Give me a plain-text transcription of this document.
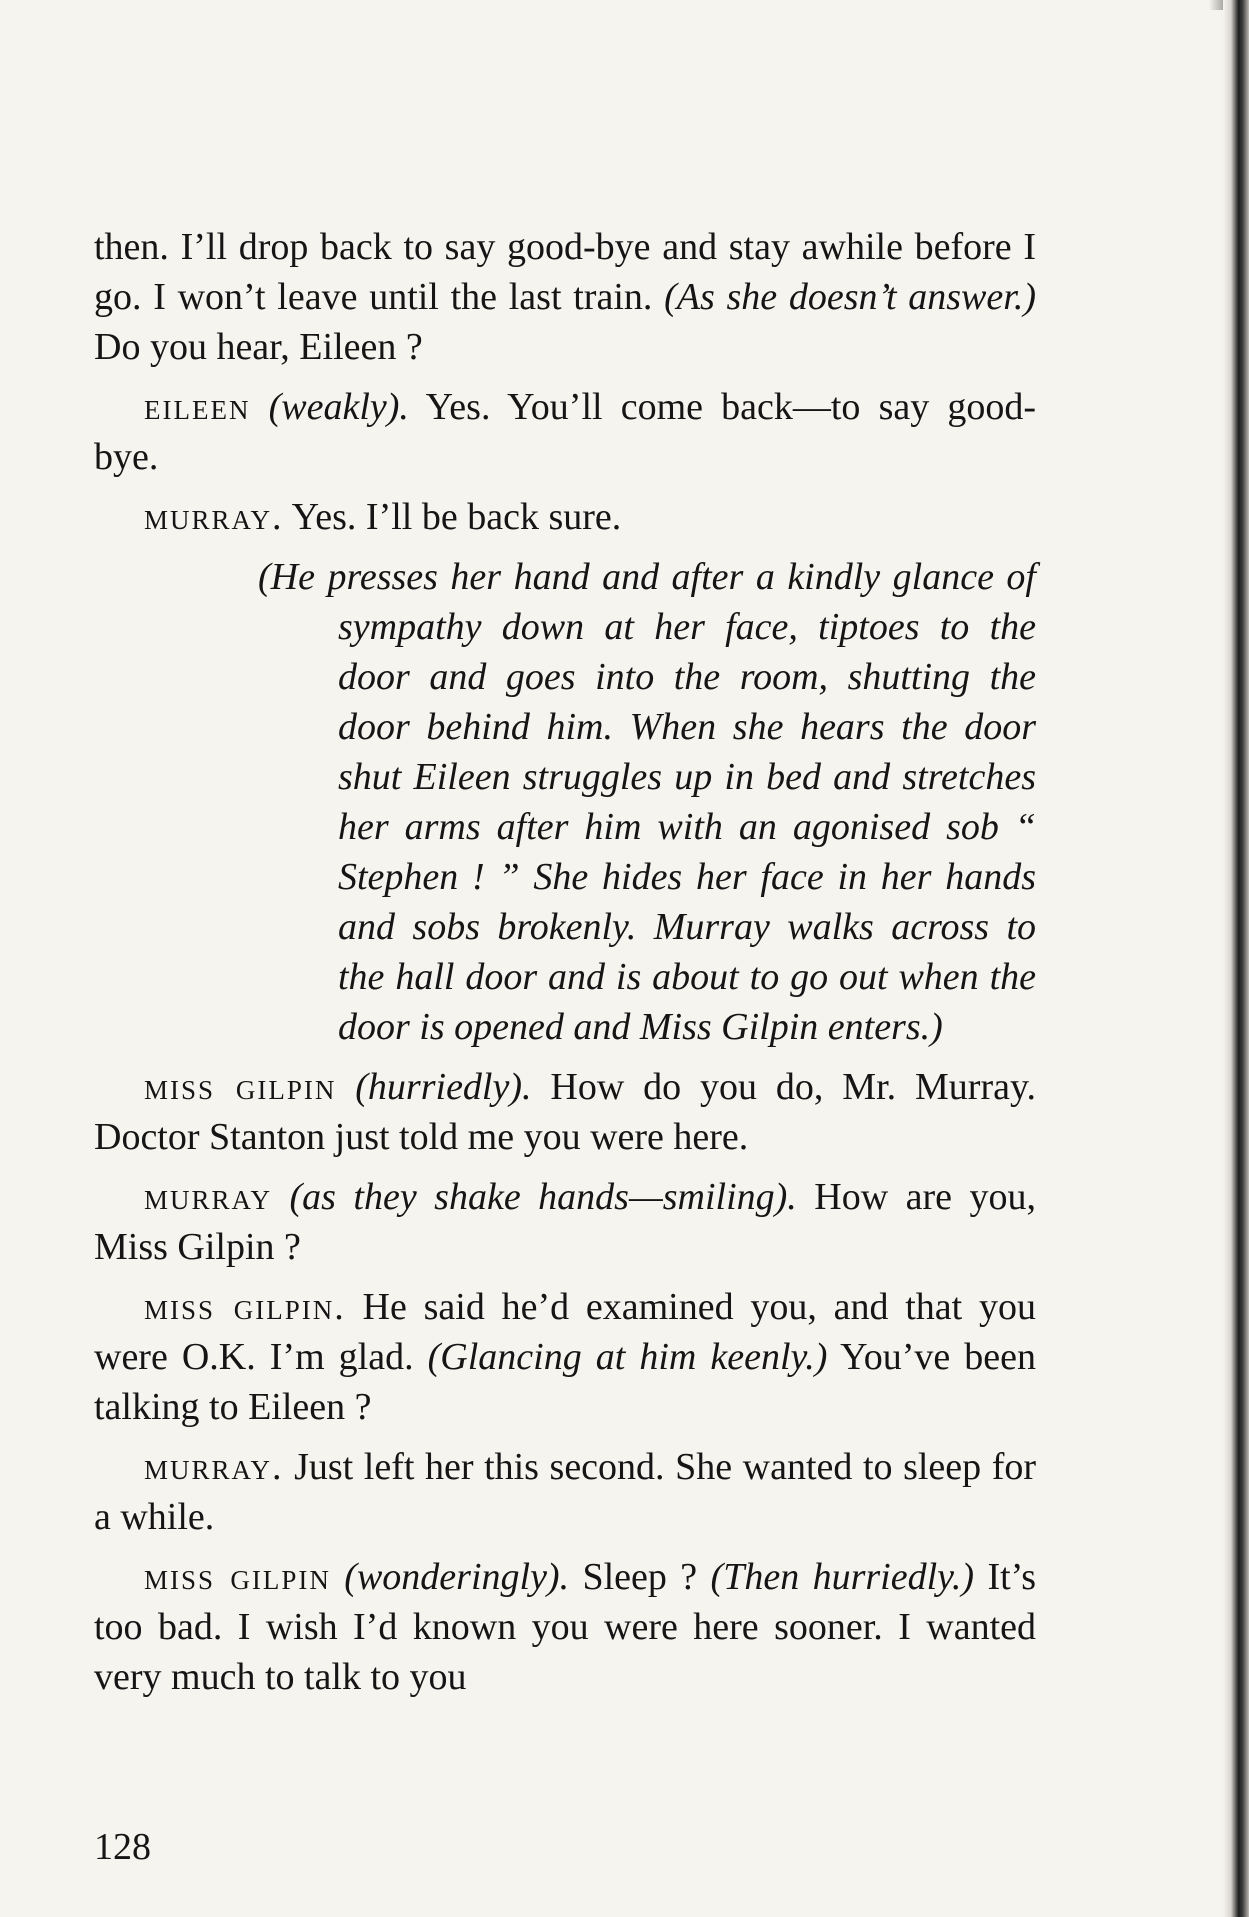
then. I’ll drop back to say good-bye and stay awhile before I go. I won’t leave until the last train. (As she doesn’t answer.) Do you hear, Eileen ?

eileen (weakly). Yes. You’ll come back—to say good-bye.

murray. Yes. I’ll be back sure.

(He presses her hand and after a kindly glance of sympathy down at her face, tiptoes to the door and goes into the room, shutting the door behind him. When she hears the door shut Eileen struggles up in bed and stretches her arms after him with an agonised sob “ Stephen ! ” She hides her face in her hands and sobs brokenly. Murray walks across to the hall door and is about to go out when the door is opened and Miss Gilpin enters.)

miss gilpin (hurriedly). How do you do, Mr. Murray. Doctor Stanton just told me you were here.

murray (as they shake hands—smiling). How are you, Miss Gilpin ?

miss gilpin. He said he’d examined you, and that you were O.K. I’m glad. (Glancing at him keenly.) You’ve been talking to Eileen ?

murray. Just left her this second. She wanted to sleep for a while.

miss gilpin (wonderingly). Sleep ? (Then hurriedly.) It’s too bad. I wish I’d known you were here sooner. I wanted very much to talk to you

128
